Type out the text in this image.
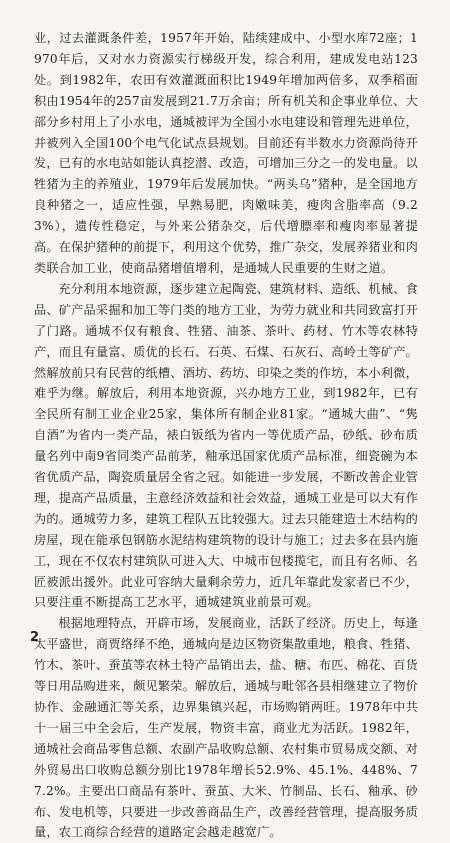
业，过去灌溉条件差，1957年开始，陆续建成中、小型水库72座；1970年后，又对水力资源实行梯级开发，综合利用，建成发电站123处。到1982年，农田有效灌溉面积比1949年增加两倍多，双季稻面积由1954年的257亩发展到21.7万余亩；所有机关和企事业单位、大部分乡村用上了小水电，通城被评为全国小水电建设和管理先进单位，并被列入全国100个电气化试点县规划。目前还有半数水力资源尚待开发，已有的水电站如能认真挖潜、改造，可增加三分之一的发电量。以牲猪为主的养殖业，1979年后发展加快。“两头乌”猪种，是全国地方良种猪之一，适应性强，早熟易肥，肉嫩味美，瘦肉含脂率高（9.23%），遗传性稳定，与外来公猪杂交，后代增膘率和瘦肉率显著提高。在保护猪种的前提下，利用这个优势，推广杂交，发展养猪业和肉类联合加工业，使商品猪增值增利，是通城人民重要的生财之道。

充分利用本地资源，逐步建立起陶瓷、建筑材料、造纸、机械、食品、矿产品采掘和加工等门类的地方工业，为劳力就业和共同致富打开了门路。通城不仅有粮食、牲猪、油茶、茶叶、药材、竹木等农林特产，而且有量富、质优的长石、石英、石煤、石灰石、高岭土等矿产。然解放前只有民营的纸槽、酒坊、药坊、印染之类的作坊，本小利微，难乎为继。解放后，利用本地资源，兴办地方工业，到1982年，已有全民所有制工业企业25家，集体所有制企业81家。“通城大曲”、“隽自酒”为省内一类产品，裱白钣纸为省内一等优质产品，砂纸、砂布质量名列中南9省同类产品前茅，釉承迅国家优质产品标准，细瓷碗为本省优质产品，陶瓷质量居全省之冠。如能进一步发展，不断改善企业管理，提高产品质量，主意经济效益和社会效益，通城工业是可以大有作为的。通城劳力多，建筑工程队五比较强大。过去只能建造土木结构的房屋，现在能承包钢筋水泥结构建筑物的设计与施工；过去多在县内施工，现在不仅农村建筑队可进入大、中城市包楼揽宅，而且有名师、名匠被派出援外。此业可容纳大量剩余劳力，近几年靠此发家者已不少，只要注重不断提高工艺水平，通城建筑业前景可观。

根据地理特点，开辟市场，发展商业，活跃了经济。历史上，每逢太平盛世，商贾络绎不绝，通城向是边区物资集散重地，粮食、牲猪、竹木、茶叶、蚕茧等农林土特产品销出去，盐、糖、布匹、棉花、百货等日用品购进来，颇见繁荣。解放后，通城与毗邻各县相继建立了物价协作、金融通汇等关系，边界集镇兴起，市场购销两旺。1978年中共十一届三中全会后，生产发展，物资丰富，商业尤为活跃。1982年，通城社会商品零售总额、农副产品收购总额、农村集市贸易成交额、对外贸易出口收购总额分别比1978年增长52.9%、45.1%、448%、77.2%。主要出口商品有茶叶、蚕茧、大米、竹制品、长石、釉承、砂布、发电机等，只要进一步改善商品生产，改善经营管理，提高服务质量，农工商综合经营的道路定会越走越宽广。

2
